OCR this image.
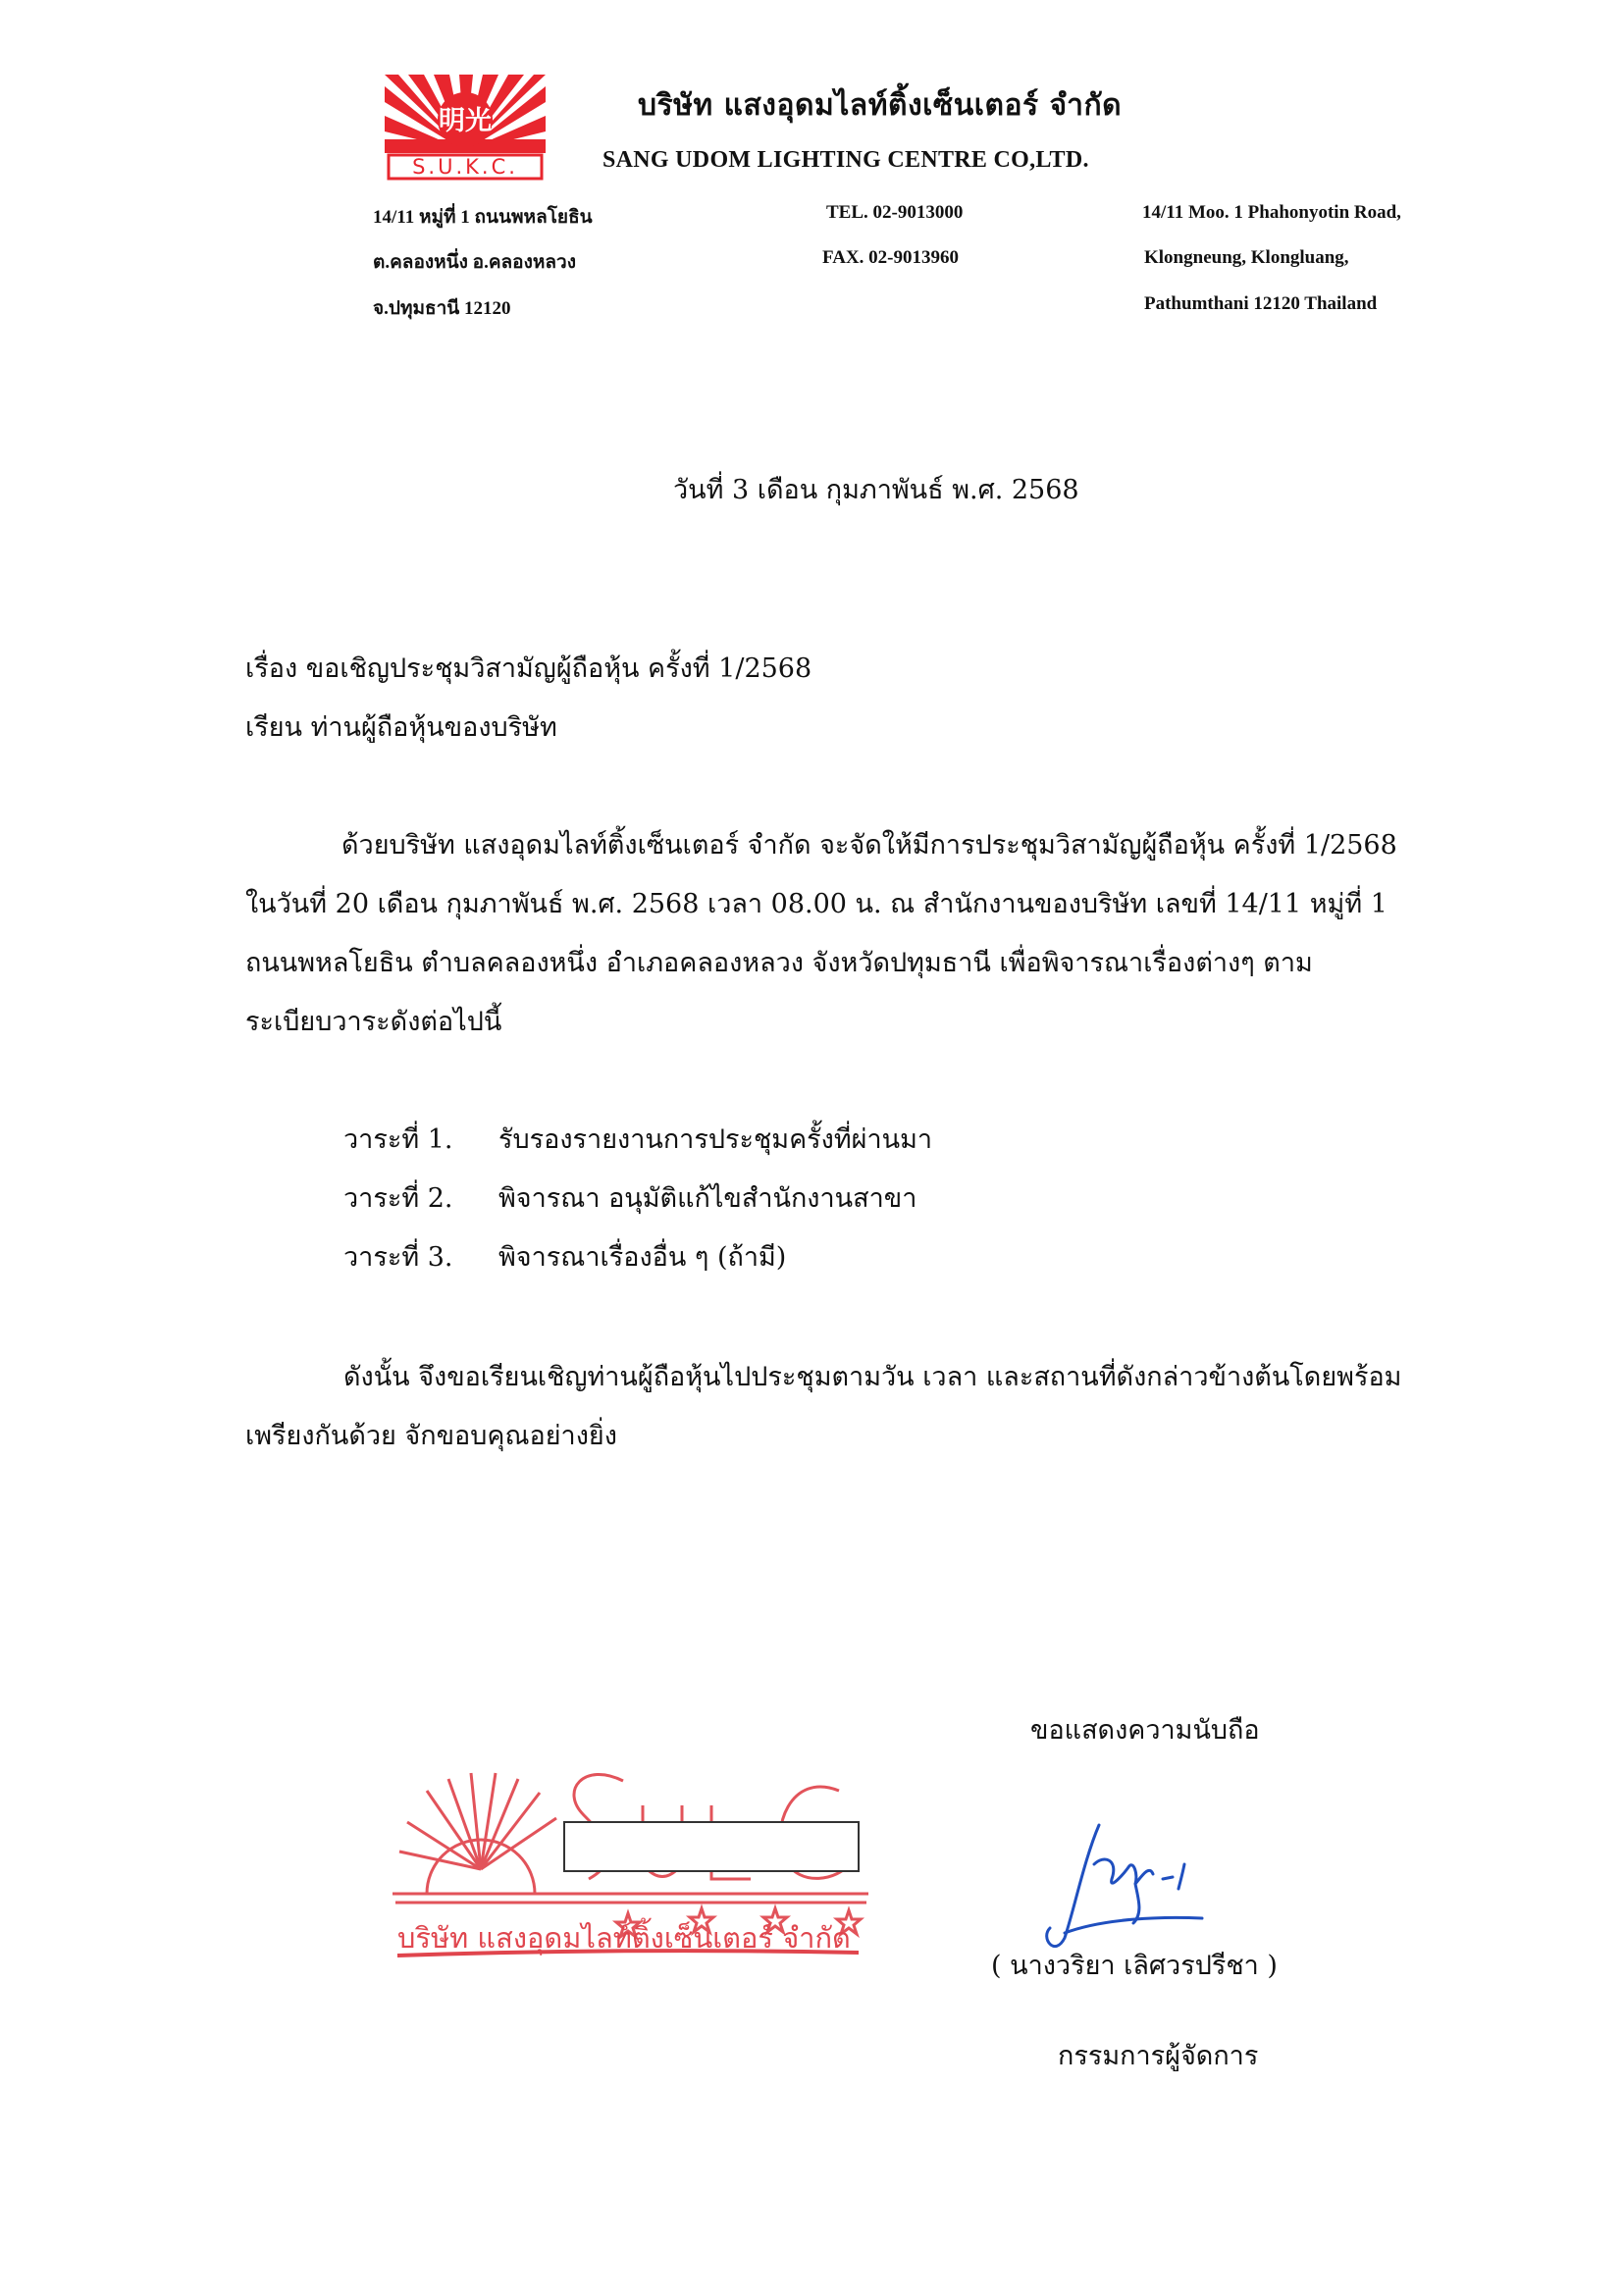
明光
S.U.K.C.
บริษัท แสงอุดมไลท์ติ้งเซ็นเตอร์ จำกัด
SANG UDOM LIGHTING CENTRE CO,LTD.
14/11 หมู่ที่ 1 ถนนพหลโยธิน
ต.คลองหนึ่ง อ.คลองหลวง
จ.ปทุมธานี 12120
TEL. 02-9013000
FAX. 02-9013960
14/11 Moo. 1 Phahonyotin Road,
Klongneung, Klongluang,
Pathumthani 12120 Thailand
วันที่ 3 เดือน กุมภาพันธ์ พ.ศ. 2568
เรื่อง ขอเชิญประชุมวิสามัญผู้ถือหุ้น ครั้งที่ 1/2568
เรียน ท่านผู้ถือหุ้นของบริษัท
ด้วยบริษัท แสงอุดมไลท์ติ้งเซ็นเตอร์ จำกัด จะจัดให้มีการประชุมวิสามัญผู้ถือหุ้น ครั้งที่ 1/2568
ในวันที่ 20 เดือน กุมภาพันธ์ พ.ศ. 2568 เวลา 08.00 น. ณ สำนักงานของบริษัท เลขที่ 14/11 หมู่ที่ 1
ถนนพหลโยธิน ตำบลคลองหนึ่ง อำเภอคลองหลวง จังหวัดปทุมธานี เพื่อพิจารณาเรื่องต่างๆ ตาม
ระเบียบวาระดังต่อไปนี้
วาระที่ 1. รับรองรายงานการประชุมครั้งที่ผ่านมา
วาระที่ 2. พิจารณา อนุมัติแก้ไขสำนักงานสาขา
วาระที่ 3. พิจารณาเรื่องอื่น ๆ (ถ้ามี)
ดังนั้น จึงขอเรียนเชิญท่านผู้ถือหุ้นไปประชุมตามวัน เวลา และสถานที่ดังกล่าวข้างต้นโดยพร้อม
เพรียงกันด้วย จักขอบคุณอย่างยิ่ง
ขอแสดงความนับถือ
บริษัท แสงอุดมไลท์ติ้งเซ็นเตอร์ จำกัด
( นางวริยา เลิศวรปรีชา )
กรรมการผู้จัดการ
